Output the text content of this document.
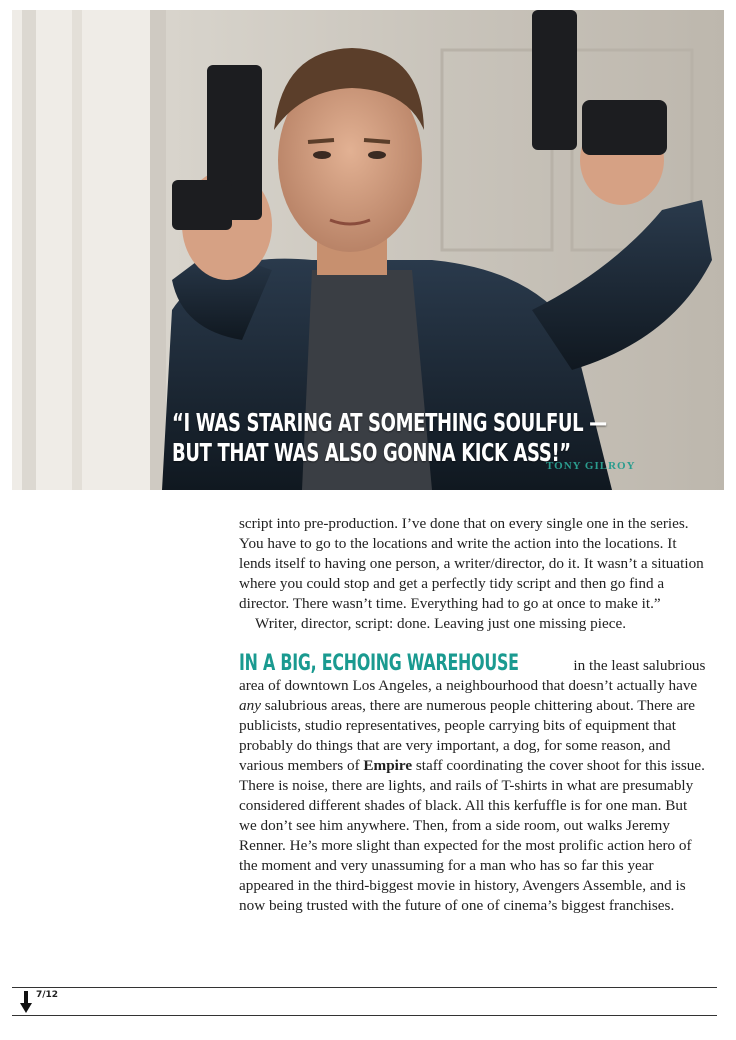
“I WAS STARING AT SOMETHING SOULFUL —
BUT THAT WAS ALSO GONNA KICK ASS!”
TONY GILROY

script into pre-production. I’ve done that on every single one in the series. You have to go to the locations and write the action into the locations. It lends itself to having one person, a writer/director, do it. It wasn’t a situation where you could stop and get a perfectly tidy script and then go find a director. There wasn’t time. Everything had to go at once to make it.”

Writer, director, script: done. Leaving just one missing piece.

IN A BIG, ECHOING WAREHOUSE	in the least salubrious area of downtown Los Angeles, a neighbourhood that doesn’t actually have any salubrious areas, there are numerous people chittering about. There are publicists, studio representatives, people carrying bits of equipment that probably do things that are very important, a dog, for some reason, and various members of Empire staff coordinating the cover shoot for this issue. There is noise, there are lights, and rails of T-shirts in what are presumably considered different shades of black. All this kerfuffle is for one man. But we don’t see him anywhere. Then, from a side room, out walks Jeremy Renner. He’s more slight than expected for the most prolific action hero of the moment and very unassuming for a man who has so far this year appeared in the third-biggest movie in history, Avengers Assemble, and is now being trusted with the future of one of cinema’s biggest franchises.

7/12
